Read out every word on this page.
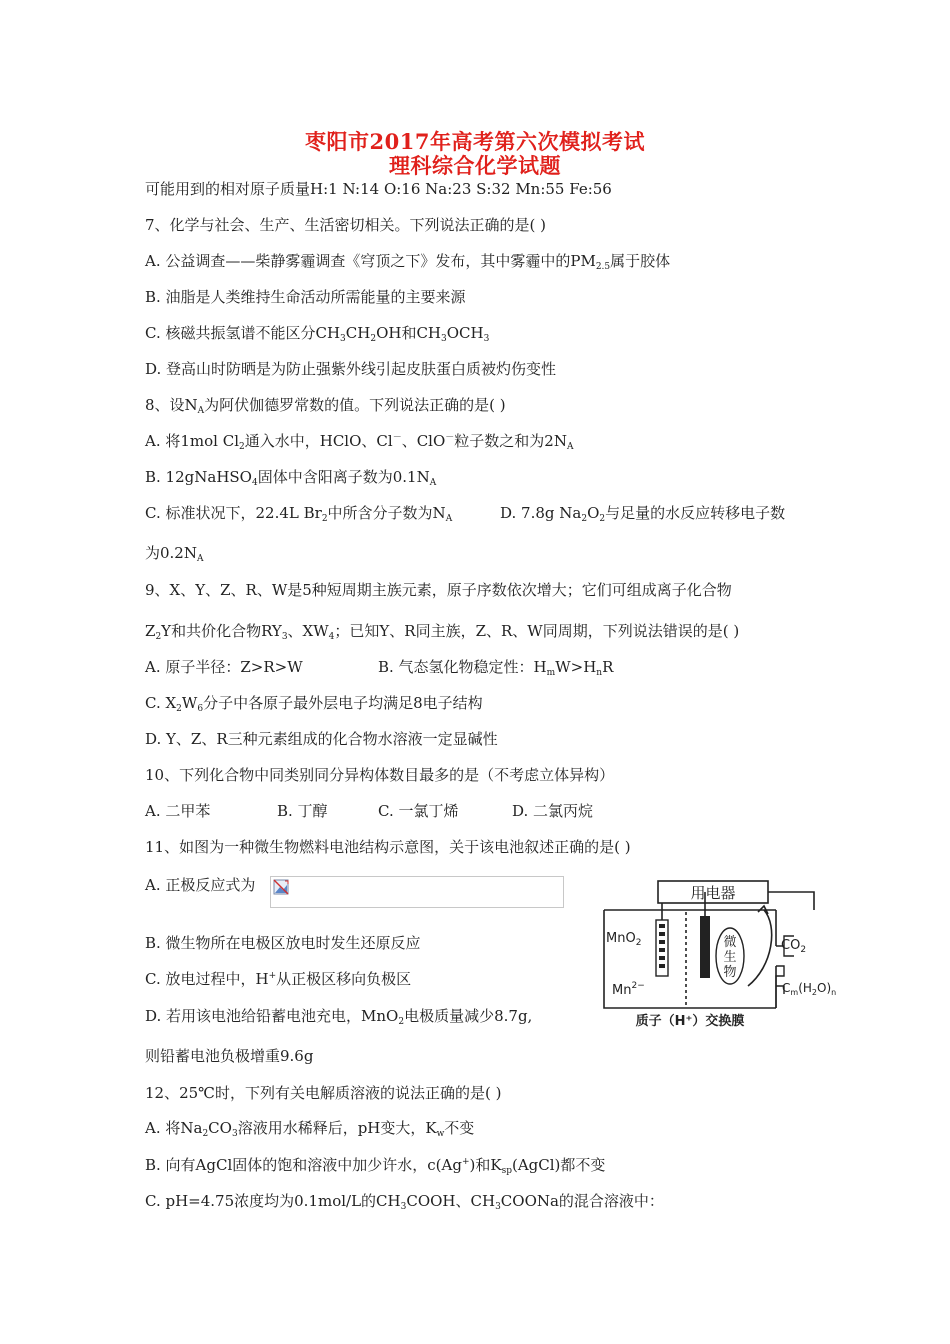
枣阳市2017年高考第六次模拟考试
理科综合化学试题
可能用到的相对原子质量H:1 N:14 O:16 Na:23 S:32 Mn:55 Fe:56
7、化学与社会、生产、生活密切相关。下列说法正确的是( )
A. 公益调查——柴静雾霾调查《穹顶之下》发布，其中雾霾中的$PM_{2.5}$属于胶体
B. 油脂是人类维持生命活动所需能量的主要来源
C. 核磁共振氢谱不能区分$CH_3CH_2OH$和$CH_3OCH_3$
D. 登高山时防晒是为防止强紫外线引起皮肤蛋白质被灼伤变性
8、设$N_A$为阿伏伽德罗常数的值。下列说法正确的是( )
A. 将1mol $Cl_2$通入水中，HClO、Cl－、ClO－粒子数之和为$2N_A$
B. 12gNaHSO$_4$固体中含阳离子数为$0.1N_A$
C. 标准状况下，22.4L $Br_2$中所含分子数为$N_A$	D. 7.8g $Na_2O_2$与足量的水反应转移电子数
为$0.2N_A$
9、X、Y、Z、R、W是5种短周期主族元素，原子序数依次增大；它们可组成离子化合物
$Z_2Y$和共价化合物$RY_3$、$XW_4$；已知Y、R同主族，Z、R、W同周期，下列说法错误的是( )
A. 原子半径：Z>R>W	B. 气态氢化物稳定性：$H_mW>H_nR$
C. $X_2W_6$分子中各原子最外层电子均满足8电子结构
D. Y、Z、R三种元素组成的化合物水溶液一定显碱性
10、下列化合物中同类别同分异构体数目最多的是（不考虑立体异构）
A. 二甲苯	B. 丁醇	C. 一氯丁烯	D. 二氯丙烷
11、如图为一种微生物燃料电池结构示意图，关于该电池叙述正确的是( )
A. 正极反应式为
B. 微生物所在电极区放电时发生还原反应
C. 放电过程中，H+从正极区移向负极区
D. 若用该电池给铅蓄电池充电，MnO$_2$电极质量减少8.7g,
则铅蓄电池负极增重9.6g
用电器
微
生
物
MnO$_2$
$Mn^{2-}$
$CO_2$
$C_m(H_2O)_n$
质子（H⁺）交换膜
12、25℃时，下列有关电解质溶液的说法正确的是( )
A. 将$Na_2CO_3$溶液用水稀释后，pH变大，$K_w$不变
B. 向有AgCl固体的饱和溶液中加少许水，c(Ag+)和$K_{sp}(AgCl)$都不变
C. pH=4.75浓度均为0.1mol/L的$CH_3COOH$、$CH_3COONa$的混合溶液中：
